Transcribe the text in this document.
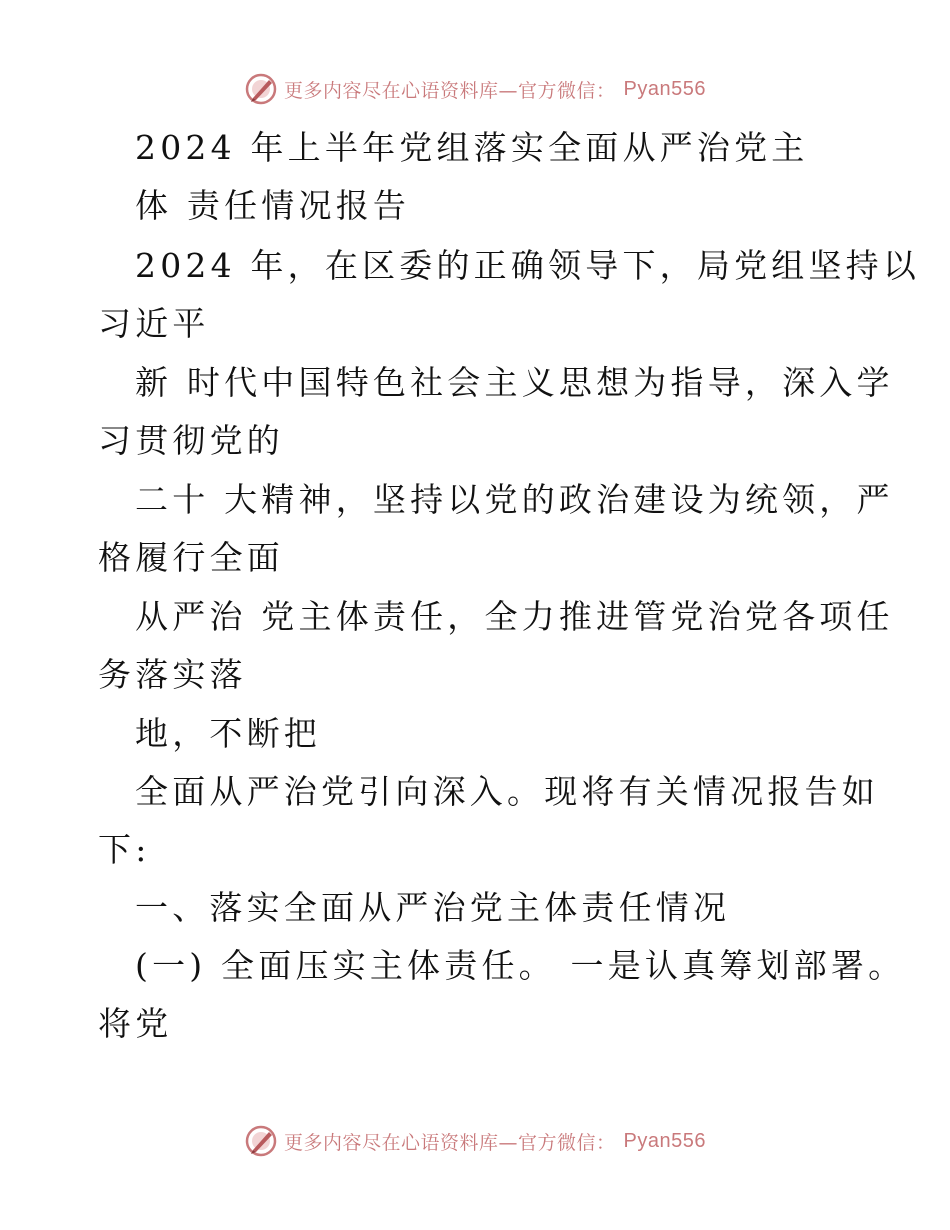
更多内容尽在心语资料库—官方微信： Pyan556
2024 年上半年党组落实全面从严治党主
体 责任情况报告
2024 年，在区委的正确领导下，局党组坚持以
习近平
新 时代中国特色社会主义思想为指导，深入学
习贯彻党的
二十 大精神，坚持以党的政治建设为统领，严
格履行全面
从严治 党主体责任，全力推进管党治党各项任
务落实落
地，不断把
全面从严治党引向深入。现将有关情况报告如
下:
一、落实全面从严治党主体责任情况
(一) 全面压实主体责任。 一是认真筹划部署。
将党
更多内容尽在心语资料库—官方微信： Pyan556
